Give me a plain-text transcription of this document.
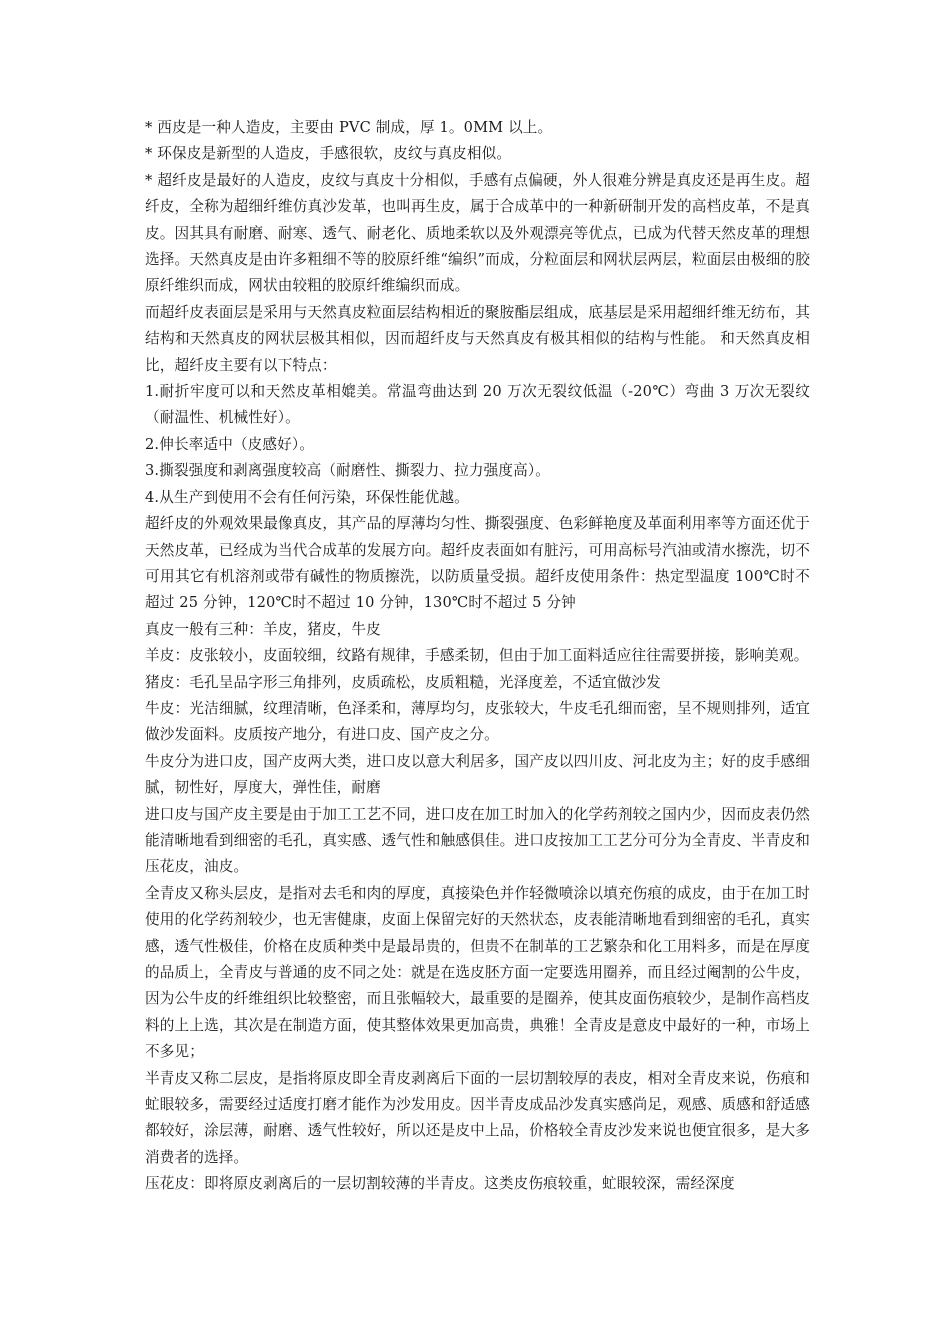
* 西皮是一种人造皮，主要由 PVC 制成，厚 1。0MM 以上。

* 环保皮是新型的人造皮，手感很软，皮纹与真皮相似。

* 超纤皮是最好的人造皮，皮纹与真皮十分相似，手感有点偏硬，外人很难分辨是真皮还是再生皮。超纤皮，全称为超细纤维仿真沙发革，也叫再生皮，属于合成革中的一种新研制开发的高档皮革，不是真皮。因其具有耐磨、耐寒、透气、耐老化、质地柔软以及外观漂亮等优点，已成为代替天然皮革的理想选择。天然真皮是由许多粗细不等的胶原纤维“编织”而成，分粒面层和网状层两层，粒面层由极细的胶原纤维织而成，网状由较粗的胶原纤维编织而成。

而超纤皮表面层是采用与天然真皮粒面层结构相近的聚胺酯层组成，底基层是采用超细纤维无纺布，其结构和天然真皮的网状层极其相似，因而超纤皮与天然真皮有极其相似的结构与性能。 和天然真皮相比，超纤皮主要有以下特点：

1.耐折牢度可以和天然皮革相媲美。常温弯曲达到 20 万次无裂纹低温（-20℃）弯曲 3 万次无裂纹（耐温性、机械性好）。

2.伸长率适中（皮感好）。

3.撕裂强度和剥离强度较高（耐磨性、撕裂力、拉力强度高）。

4.从生产到使用不会有任何污染，环保性能优越。

超纤皮的外观效果最像真皮，其产品的厚薄均匀性、撕裂强度、色彩鲜艳度及革面利用率等方面还优于天然皮革，已经成为当代合成革的发展方向。超纤皮表面如有脏污，可用高标号汽油或清水擦洗，切不可用其它有机溶剂或带有碱性的物质擦洗，以防质量受损。超纤皮使用条件：热定型温度 100℃时不超过 25 分钟，120℃时不超过 10 分钟，130℃时不超过 5 分钟

真皮一般有三种：羊皮，猪皮，牛皮

羊皮：皮张较小，皮面较细，纹路有规律，手感柔韧，但由于加工面料适应往往需要拼接，影响美观。

猪皮：毛孔呈品字形三角排列，皮质疏松，皮质粗糙，光泽度差，不适宜做沙发

牛皮：光洁细腻，纹理清晰，色泽柔和，薄厚均匀，皮张较大，牛皮毛孔细而密，呈不规则排列，适宜做沙发面料。皮质按产地分，有进口皮、国产皮之分。

牛皮分为进口皮，国产皮两大类，进口皮以意大利居多，国产皮以四川皮、河北皮为主；好的皮手感细腻，韧性好，厚度大，弹性佳，耐磨

进口皮与国产皮主要是由于加工工艺不同，进口皮在加工时加入的化学药剂较之国内少，因而皮表仍然能清晰地看到细密的毛孔，真实感、透气性和触感俱佳。进口皮按加工工艺分可分为全青皮、半青皮和压花皮，油皮。

全青皮又称头层皮，是指对去毛和肉的厚度，真接染色并作轻微喷涂以填充伤痕的成皮，由于在加工时使用的化学药剂较少，也无害健康，皮面上保留完好的天然状态，皮表能清晰地看到细密的毛孔，真实感，透气性极佳，价格在皮质种类中是最昂贵的，但贵不在制革的工艺繁杂和化工用料多，而是在厚度的品质上，全青皮与普通的皮不同之处：就是在选皮胚方面一定要选用圈养，而且经过阉割的公牛皮，因为公牛皮的纤维组织比较整密，而且张幅较大，最重要的是圈养，使其皮面伤痕较少，是制作高档皮料的上上选，其次是在制造方面，使其整体效果更加高贵，典雅！全青皮是意皮中最好的一种，市场上不多见；

半青皮又称二层皮，是指将原皮即全青皮剥离后下面的一层切割较厚的表皮，相对全青皮来说，伤痕和虻眼较多，需要经过适度打磨才能作为沙发用皮。因半青皮成品沙发真实感尚足，观感、质感和舒适感都较好，涂层薄，耐磨、透气性较好，所以还是皮中上品，价格较全青皮沙发来说也便宜很多，是大多消费者的选择。

压花皮：即将原皮剥离后的一层切割较薄的半青皮。这类皮伤痕较重，虻眼较深，需经深度
